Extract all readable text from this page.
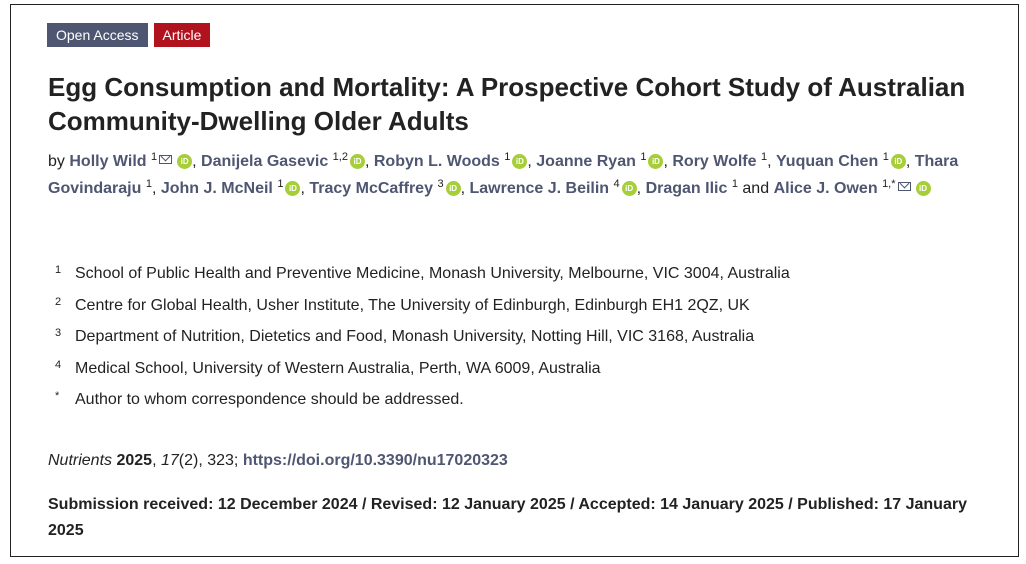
Open Access	Article
Egg Consumption and Mortality: A Prospective Cohort Study of Australian Community-Dwelling Older Adults
by Holly Wild $^1$	iD , Danijela Gasevic $^{1,2}$ iD , Robyn L. Woods $^1$ iD , Joanne Ryan $^1$ iD , Rory Wolfe $^1$, Yuquan Chen $^1$ iD , Thara Govindaraju $^1$, John J. McNeil $^1$ iD , Tracy McCaffrey $^3$ iD , Lawrence J. Beilin $^4$ iD , Dragan Ilic $^1$ and Alice J. Owen $^{1,*}$	iD
1 School of Public Health and Preventive Medicine, Monash University, Melbourne, VIC 3004, Australia
2 Centre for Global Health, Usher Institute, The University of Edinburgh, Edinburgh EH1 2QZ, UK
3 Department of Nutrition, Dietetics and Food, Monash University, Notting Hill, VIC 3168, Australia
4 Medical School, University of Western Australia, Perth, WA 6009, Australia
* Author to whom correspondence should be addressed.
Nutrients 2025, 17(2), 323; https://doi.org/10.3390/nu17020323
Submission received: 12 December 2024 / Revised: 12 January 2025 / Accepted: 14 January 2025 / Published: 17 January 2025
